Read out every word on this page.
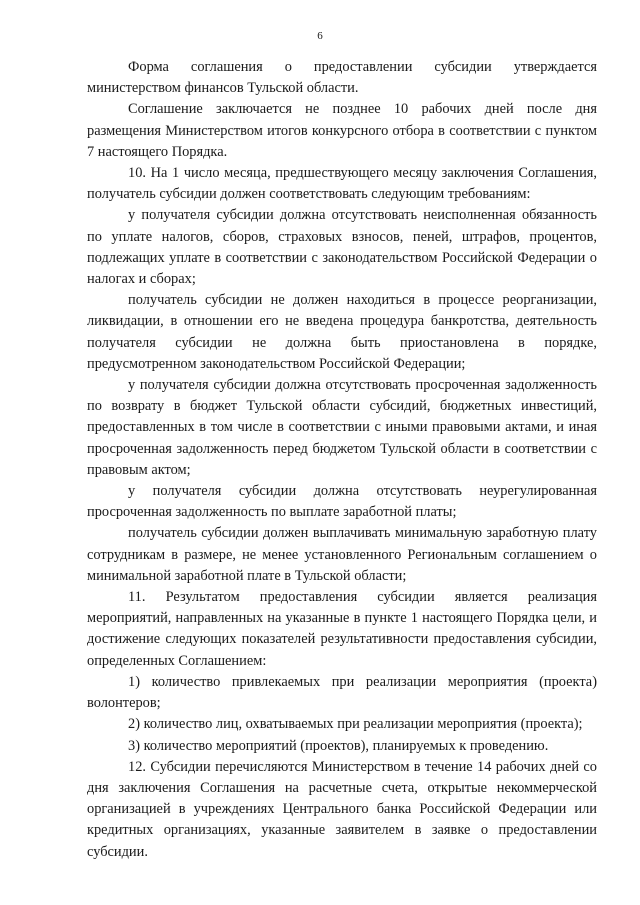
6

Форма соглашения о предоставлении субсидии утверждается министерством финансов Тульской области.

Соглашение заключается не позднее 10 рабочих дней после дня размещения Министерством итогов конкурсного отбора в соответствии с пунктом 7 настоящего Порядка.

10. На 1 число месяца, предшествующего месяцу заключения Соглашения, получатель субсидии должен соответствовать следующим требованиям:

у получателя субсидии должна отсутствовать неисполненная обязанность по уплате налогов, сборов, страховых взносов, пеней, штрафов, процентов, подлежащих уплате в соответствии с законодательством Российской Федерации о налогах и сборах;

получатель субсидии не должен находиться в процессе реорганизации, ликвидации, в отношении его не введена процедура банкротства, деятельность получателя субсидии не должна быть приостановлена в порядке, предусмотренном законодательством Российской Федерации;

у получателя субсидии должна отсутствовать просроченная задолженность по возврату в бюджет Тульской области субсидий, бюджетных инвестиций, предоставленных в том числе в соответствии с иными правовыми актами, и иная просроченная задолженность перед бюджетом Тульской области в соответствии с правовым актом;

у получателя субсидии должна отсутствовать неурегулированная просроченная задолженность по выплате заработной платы;

получатель субсидии должен выплачивать минимальную заработную плату сотрудникам в размере, не менее установленного Региональным соглашением о минимальной заработной плате в Тульской области;

11. Результатом предоставления субсидии является реализация мероприятий, направленных на указанные в пункте 1 настоящего Порядка цели, и достижение следующих показателей результативности предоставления субсидии, определенных Соглашением:

1) количество привлекаемых при реализации мероприятия (проекта) волонтеров;

2) количество лиц, охватываемых при реализации мероприятия (проекта);

3) количество мероприятий (проектов), планируемых к проведению.

12. Субсидии перечисляются Министерством в течение 14 рабочих дней со дня заключения Соглашения на расчетные счета, открытые некоммерческой организацией в учреждениях Центрального банка Российской Федерации или кредитных организациях, указанные заявителем в заявке о предоставлении субсидии.
